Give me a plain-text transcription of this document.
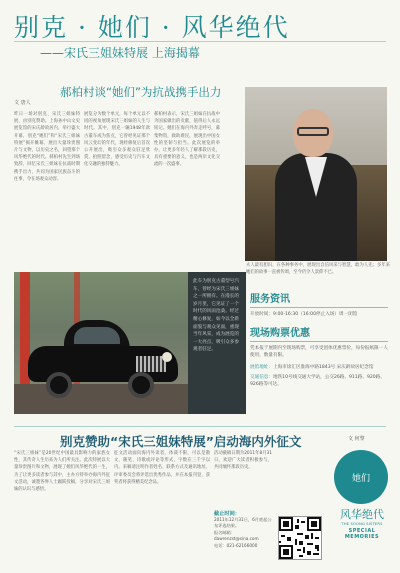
别克 · 她们 · 风华绝代
——宋氏三姐妹特展 上海揭幕
郝柏村谈“她们”为抗战携手出力
文 唐人
昨日一场对别克、宋氏三姐妹特展，由别克赞助。上海孙中山文史展览馆的宋庆龄故居内，举行盛大开幕，别克“她们”和“宋氏三姐妹特展”揭开帷幕，展出大量珍贵图片与文物，以历史之名，回望那个风华绝代的时代。郝柏村先生到场致辞，回忆宋氏三姐妹在抗战时期携手出力，共同为国家民族奋斗的往事，令在场观众动容。
展览分为数个单元，每个单元以不同的视角展现宋氏三姐妹的人生与时代。其中，别克一辆1948年款古董车成为焦点，它曾经见证那个风云变幻的年代，现经修复后首次公开展出，吸引众多观众驻足欣赏，拍照留念，感受历史与汽车文化交融的独特魅力。
郝柏村表示，宋氏三姐妹在抗战中为国家做出的贡献，值得后人永远铭记。她们在海内外奔走呼号，募集物资，救助难民，展现出中国女性的坚韧与担当。此次展览的举办，让更多年轻人了解那段历史，具有重要的意义，也是两岸文化交流的一次盛事。
夫人最有胆识，在各种事务中，展现出自信风采与智慧，敢为人先；多年来她们的故事一直被传颂，至今仍令人景仰不已。

此车为别克古董型号汽车，曾经为宋氏三姐妹之一所拥有。在漫长的岁月里，它见证了一个时代的风雨沧桑。经过精心修复，如今以全新面貌与观众见面，重现当年风采，成为展览的一大亮点，吸引众多参观者驻足。

服务资讯
开放时间：9:00-16:30（16:00停止入场）周一闭馆
现场购票优惠
凭本报于展期内至现场购票，可享受团体优惠票价，每份报纸限一人使用，数量有限。
展馆地址：上海市徐汇区淮海中路1843号 宋庆龄故居纪念馆
交通信息：地铁10号线交通大学站，公交26路、911路、920路、926路等可达。
别克赞助“宋氏三姐妹特展”启动海内外征文	文 何黎
“宋氏三姐妹”是20世纪中国最具影响力的家族女性，其传奇人生历来为人们所关注。此次特展以大量珍贵图片和文物，展现了她们风华绝代的一生，为了让更多读者参与其中，主办方特举办海内外征文活动，诚邀各界人士踊跃投稿，分享对宋氏三姐妹的认识与感悟。
征文活动面向海内外读者，体裁不限，可以是散文、随笔、诗歌或评论等形式，字数在三千字以内。来稿请注明作者姓名、联系方式及通讯地址，评审委员会将评选出优秀作品，并在本报刊登，获奖者将获得精美纪念品。
活动截稿日期为2011年8月31日，欢迎广大读者积极参与，共同缅怀那段历史。
截止时间：
2011年12月31日，6月底起公布评选结果。
报名邮箱：dawrenzst@sina.com
电话：021-62166000
她们
风华绝代
THE SOONG SISTERS
SPECIAL MEMORIES
